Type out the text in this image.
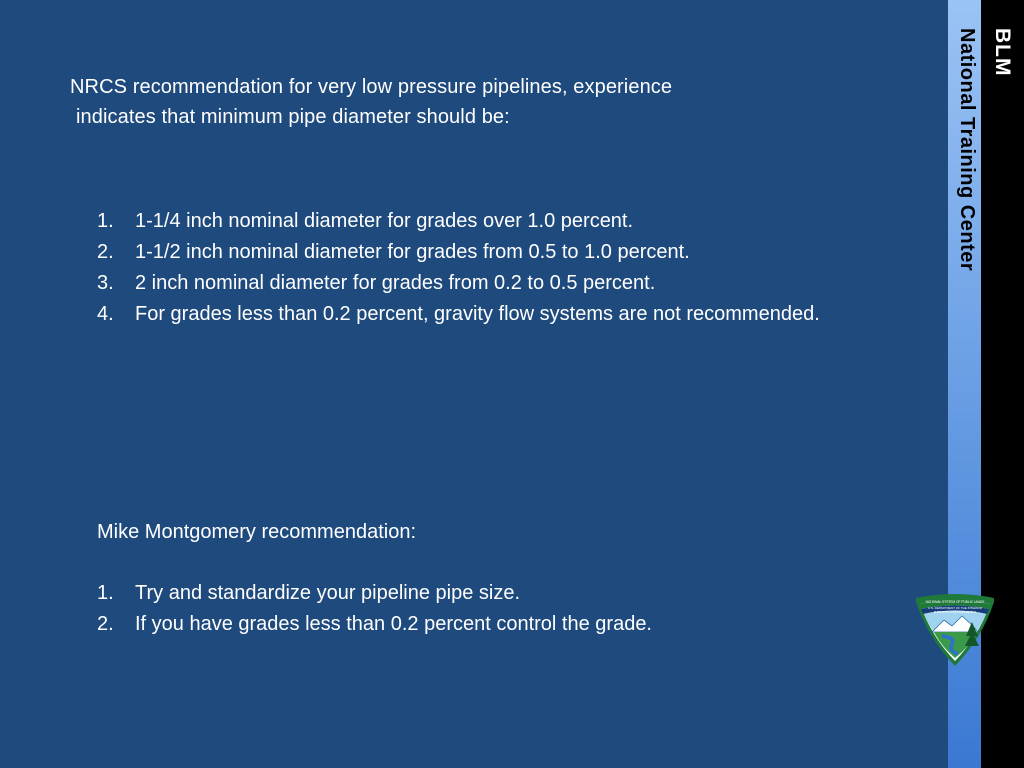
NRCS recommendation for very low pressure pipelines, experience
indicates that minimum pipe diameter should be:
1.	1-1/4 inch nominal diameter for grades over 1.0 percent.
2.	1-1/2 inch nominal diameter for grades from 0.5 to 1.0 percent.
3.	2 inch nominal diameter for grades from 0.2 to 0.5 percent.
4.	For grades less than 0.2 percent, gravity flow systems are not recommended.
Mike Montgomery recommendation:
1.	Try and standardize your pipeline pipe size.
2.	If you have grades less than 0.2 percent control the grade.
BLM
National Training Center
NATIONAL SYSTEM OF PUBLIC LANDS
U.S. DEPARTMENT OF THE INTERIOR
BUREAU OF LAND MANAGEMENT
